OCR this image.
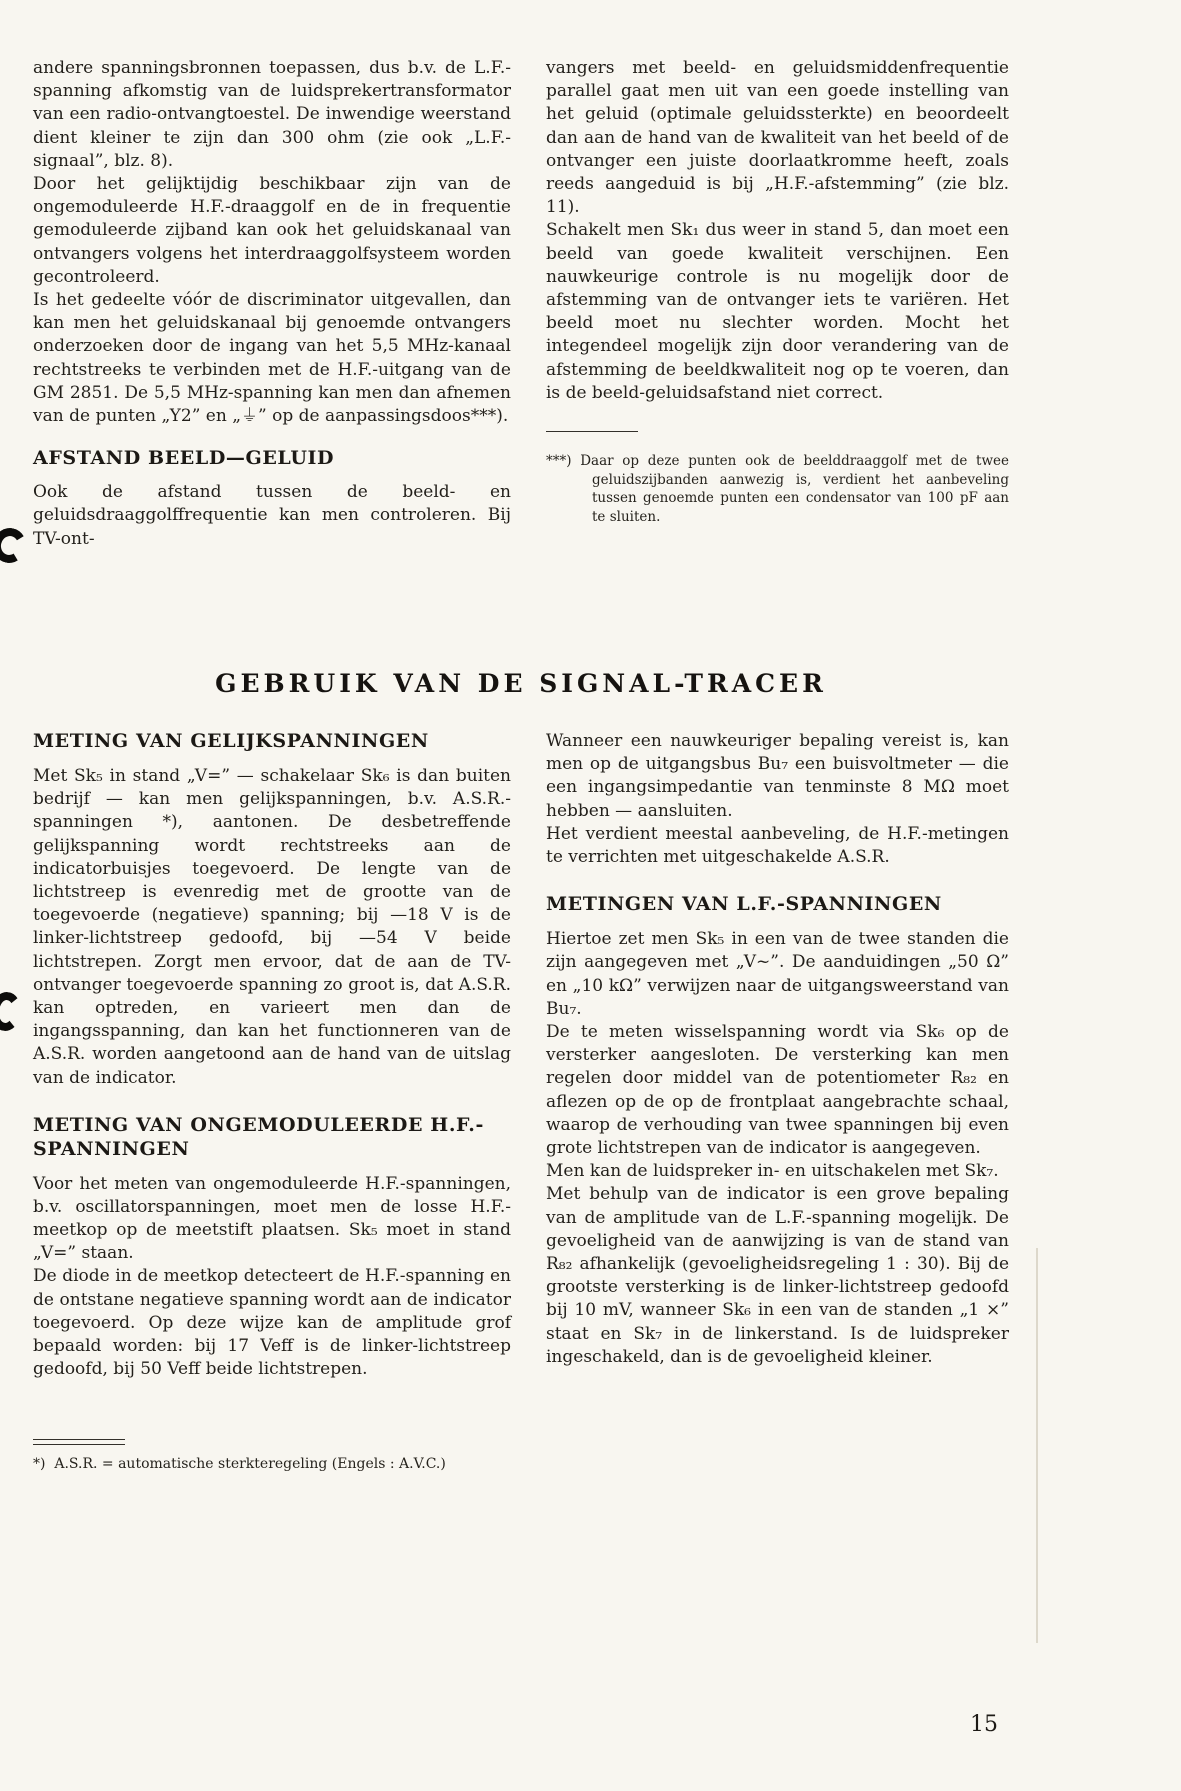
andere spanningsbronnen toepassen, dus b.v. de L.F.-spanning afkomstig van de luidsprekertransformator van een radio-ontvangtoestel. De inwendige weerstand dient kleiner te zijn dan 300 ohm (zie ook „L.F.-signaal”, blz. 8).

Door het gelijktijdig beschikbaar zijn van de ongemoduleerde H.F.-draaggolf en de in frequentie gemoduleerde zijband kan ook het geluidskanaal van ontvangers volgens het interdraaggolfsysteem worden gecontroleerd.

Is het gedeelte vóór de discriminator uitgevallen, dan kan men het geluidskanaal bij genoemde ontvangers onderzoeken door de ingang van het 5,5 MHz-kanaal rechtstreeks te verbinden met de H.F.-uitgang van de GM 2851. De 5,5 MHz-spanning kan men dan afnemen van de punten „Y2” en „⏚” op de aanpassingsdoos***).

AFSTAND BEELD—GELUID

Ook de afstand tussen de beeld- en geluidsdraaggolffrequentie kan men controleren. Bij TV-ont-

vangers met beeld- en geluidsmiddenfrequentie parallel gaat men uit van een goede instelling van het geluid (optimale geluidssterkte) en beoordeelt dan aan de hand van de kwaliteit van het beeld of de ontvanger een juiste doorlaatkromme heeft, zoals reeds aangeduid is bij „H.F.-afstemming” (zie blz. 11).

Schakelt men Sk₁ dus weer in stand 5, dan moet een beeld van goede kwaliteit verschijnen. Een nauwkeurige controle is nu mogelijk door de afstemming van de ontvanger iets te variëren. Het beeld moet nu slechter worden. Mocht het integendeel mogelijk zijn door verandering van de afstemming de beeldkwaliteit nog op te voeren, dan is de beeld-geluidsafstand niet correct.

***) Daar op deze punten ook de beelddraaggolf met de twee geluidszijbanden aanwezig is, verdient het aanbeveling tussen genoemde punten een condensator van 100 pF aan te sluiten.

GEBRUIK VAN DE SIGNAL-TRACER
METING VAN GELIJKSPANNINGEN

Met Sk₅ in stand „V=” — schakelaar Sk₆ is dan buiten bedrijf — kan men gelijkspanningen, b.v. A.S.R.-spanningen *), aantonen. De desbetreffende gelijkspanning wordt rechtstreeks aan de indicatorbuisjes toegevoerd. De lengte van de lichtstreep is evenredig met de grootte van de toegevoerde (negatieve) spanning; bij —18 V is de linker-lichtstreep gedoofd, bij —54 V beide lichtstrepen. Zorgt men ervoor, dat de aan de TV-ontvanger toegevoerde spanning zo groot is, dat A.S.R. kan optreden, en varieert men dan de ingangsspanning, dan kan het functionneren van de A.S.R. worden aangetoond aan de hand van de uitslag van de indicator.

METING VAN ONGEMODULEERDE H.F.-SPANNINGEN

Voor het meten van ongemoduleerde H.F.-spanningen, b.v. oscillatorspanningen, moet men de losse H.F.-meetkop op de meetstift plaatsen. Sk₅ moet in stand „V=” staan.

De diode in de meetkop detecteert de H.F.-spanning en de ontstane negatieve spanning wordt aan de indicator toegevoerd. Op deze wijze kan de amplitude grof bepaald worden: bij 17 Veff is de linker-lichtstreep gedoofd, bij 50 Veff beide lichtstrepen.

*)  A.S.R. = automatische sterkteregeling (Engels : A.V.C.)

Wanneer een nauwkeuriger bepaling vereist is, kan men op de uitgangsbus Bu₇ een buisvoltmeter — die een ingangsimpedantie van tenminste 8 MΩ moet hebben — aansluiten.

Het verdient meestal aanbeveling, de H.F.-metingen te verrichten met uitgeschakelde A.S.R.

METINGEN VAN L.F.-SPANNINGEN

Hiertoe zet men Sk₅ in een van de twee standen die zijn aangegeven met „V~”. De aanduidingen „50 Ω” en „10 kΩ” verwijzen naar de uitgangsweerstand van Bu₇.

De te meten wisselspanning wordt via Sk₆ op de versterker aangesloten. De versterking kan men regelen door middel van de potentiometer R₈₂ en aflezen op de op de frontplaat aangebrachte schaal, waarop de verhouding van twee spanningen bij even grote lichtstrepen van de indicator is aangegeven.

Men kan de luidspreker in- en uitschakelen met Sk₇.

Met behulp van de indicator is een grove bepaling van de amplitude van de L.F.-spanning mogelijk. De gevoeligheid van de aanwijzing is van de stand van R₈₂ afhankelijk (gevoeligheidsregeling 1 : 30). Bij de grootste versterking is de linker-lichtstreep gedoofd bij 10 mV, wanneer Sk₆ in een van de standen „1 ×” staat en Sk₇ in de linkerstand. Is de luidspreker ingeschakeld, dan is de gevoeligheid kleiner.

15
